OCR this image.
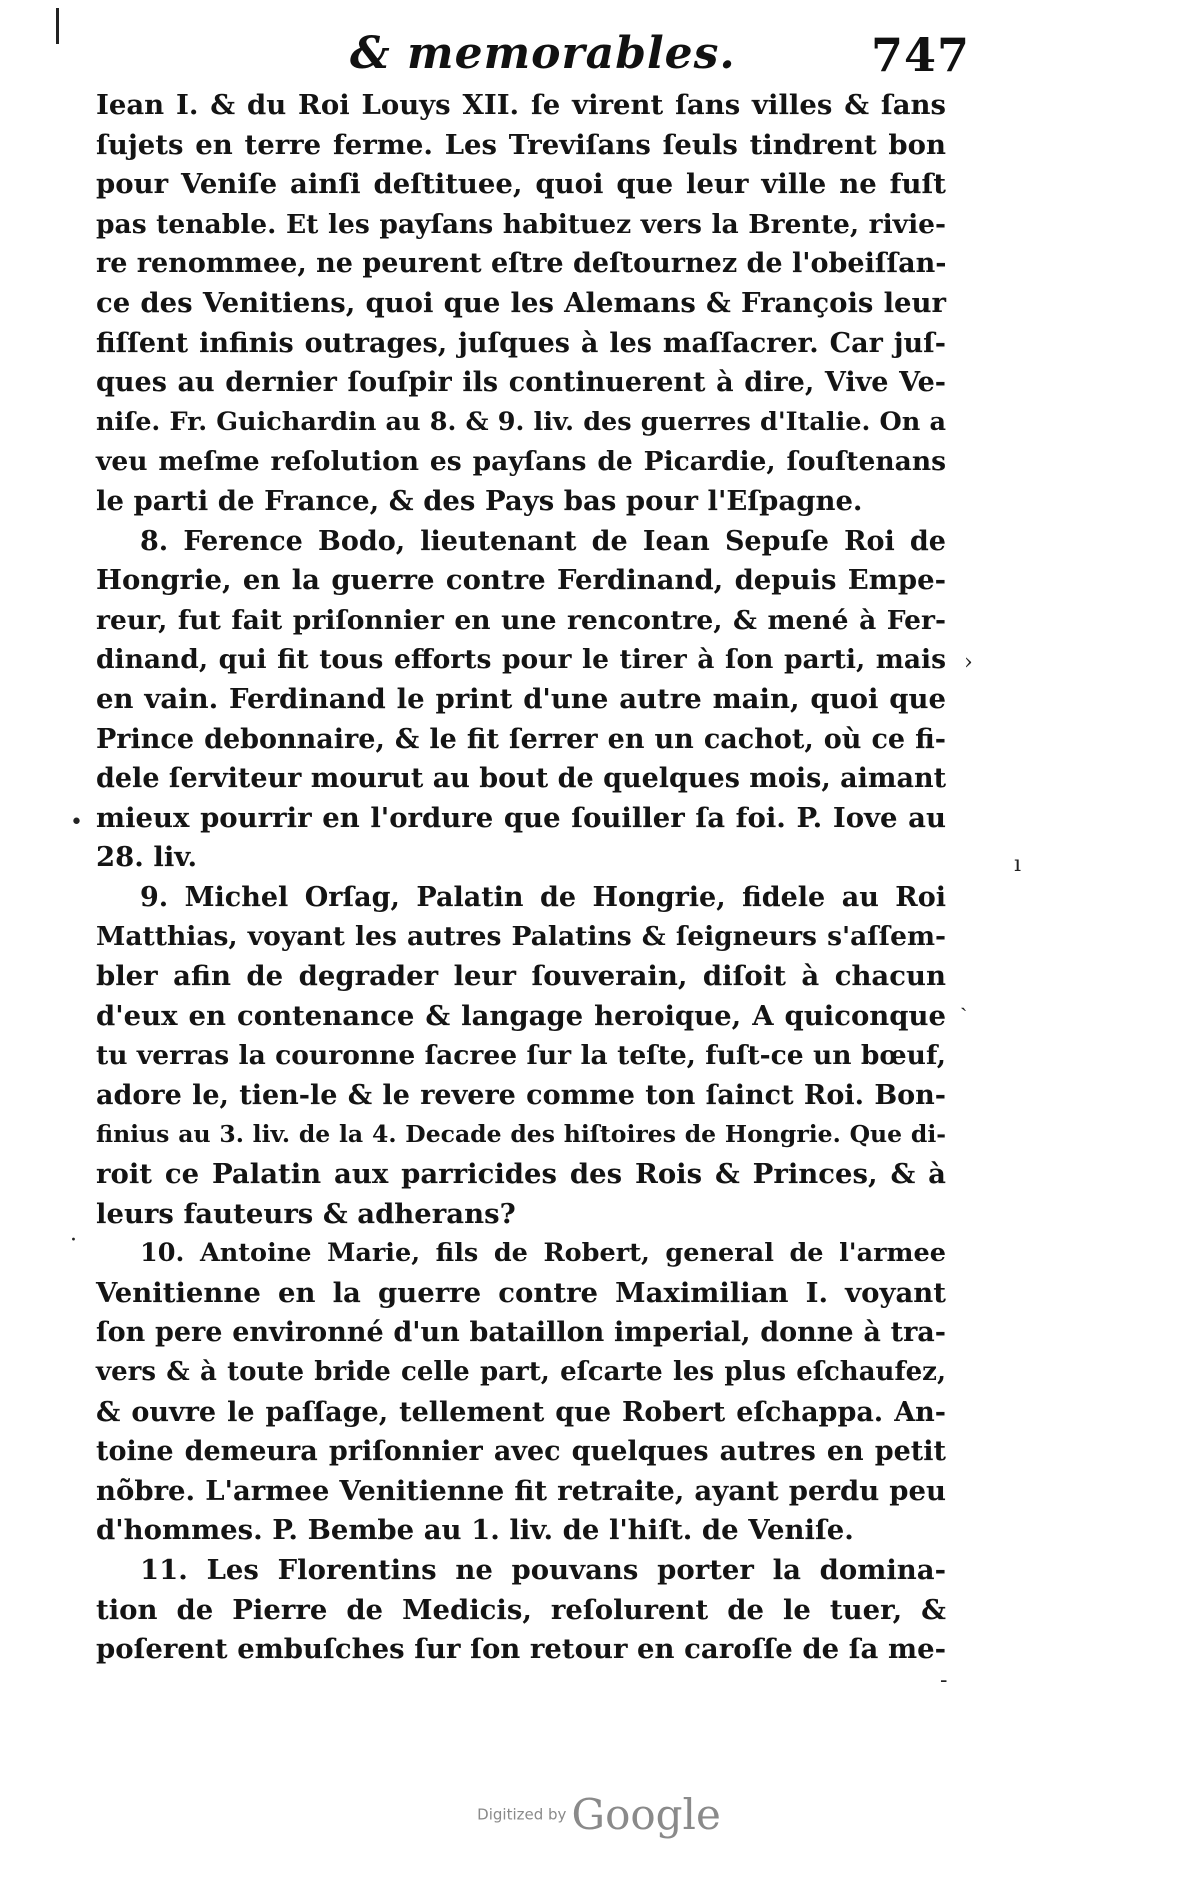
& memorables.	747
Iean I. & du Roi Louys XII. ſe virent ſans villes & ſans
ſujets en terre ferme. Les Treviſans ſeuls tindrent bon
pour Veniſe ainſi deſtituee, quoi que leur ville ne fuſt
pas tenable. Et les payſans habituez vers la Brente, rivie-
re renommee, ne peurent eſtre deſtournez de l'obeiſſan-
ce des Venitiens, quoi que les Alemans & François leur
fiſſent infinis outrages, juſques à les maſſacrer. Car juſ-
ques au dernier ſouſpir ils continuerent à dire, Vive Ve-
niſe. Fr. Guichardin au 8. & 9. liv. des guerres d'Italie. On a
veu meſme reſolution es payſans de Picardie, ſouſtenans
le parti de France, & des Pays bas pour l'Eſpagne.
8. Ference Bodo, lieutenant de Iean Sepuſe Roi de
Hongrie, en la guerre contre Ferdinand, depuis Empe-
reur, fut fait priſonnier en une rencontre, & mené à Fer-
dinand, qui fit tous efforts pour le tirer à ſon parti, mais
en vain. Ferdinand le print d'une autre main, quoi que
Prince debonnaire, & le fit ſerrer en un cachot, où ce fi-
dele ſerviteur mourut au bout de quelques mois, aimant
mieux pourrir en l'ordure que ſouiller ſa foi. P. Iove au
28. liv.
9. Michel Orſag, Palatin de Hongrie, fidele au Roi
Matthias, voyant les autres Palatins & ſeigneurs s'aſſem-
bler afin de degrader leur ſouverain, diſoit à chacun
d'eux en contenance & langage heroique, A quiconque
tu verras la couronne ſacree ſur la teſte, fuſt-ce un bœuf,
adore le, tien-le & le revere comme ton ſainct Roi. Bon-
finius au 3. liv. de la 4. Decade des hiſtoires de Hongrie. Que di-
roit ce Palatin aux parricides des Rois & Princes, & à
leurs fauteurs & adherans?
10. Antoine Marie, fils de Robert, general de l'armee
Venitienne en la guerre contre Maximilian I. voyant
ſon pere environné d'un bataillon imperial, donne à tra-
vers & à toute bride celle part, eſcarte les plus eſchaufez,
& ouvre le paſſage, tellement que Robert eſchappa. An-
toine demeura priſonnier avec quelques autres en petit
nõbre. L'armee Venitienne fit retraite, ayant perdu peu
d'hommes. P. Bembe au 1. liv. de l'hiſt. de Veniſe.
11. Les Florentins ne pouvans porter la domina-
tion de Pierre de Medicis, reſolurent de le tuer, &
poſerent embuſches ſur ſon retour en caroſſe de ſa me-
›
•
ı
ˎ
·
-
Digitized by Google
